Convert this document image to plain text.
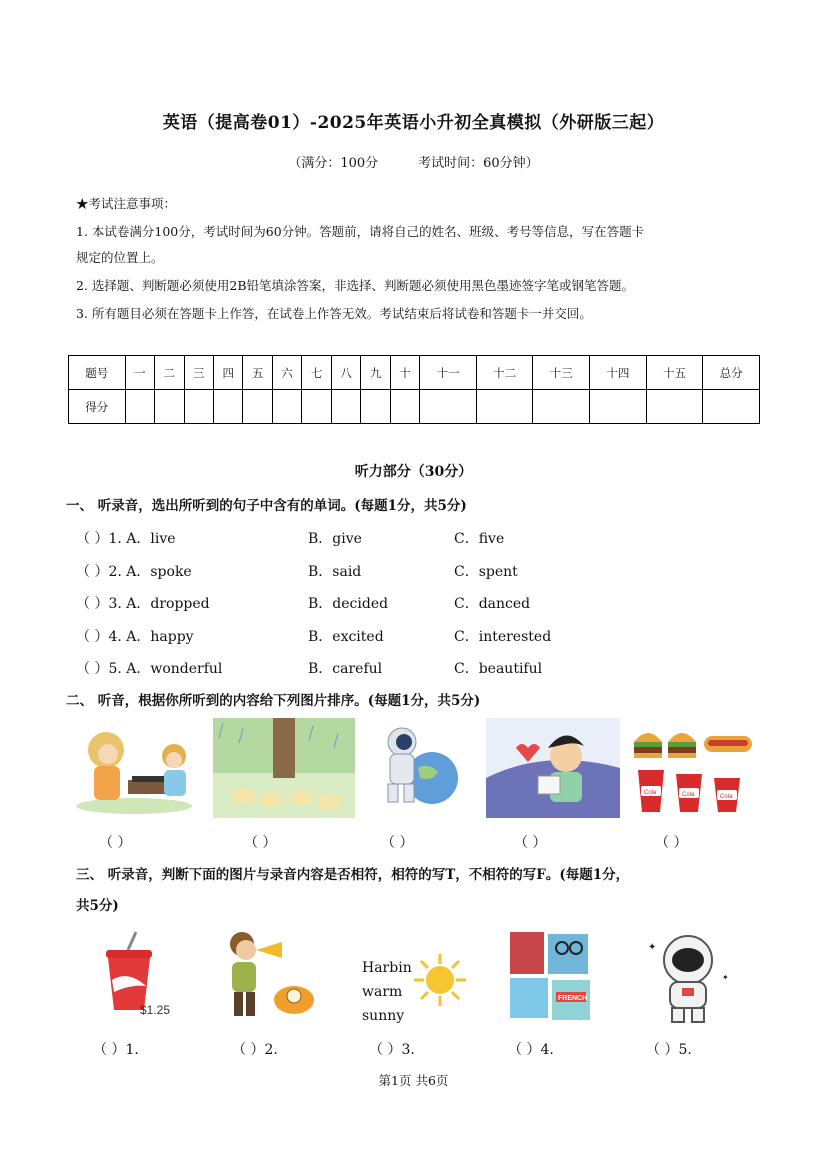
英语（提高卷01）-2025年英语小升初全真模拟（外研版三起）
（满分：100分	考试时间：60分钟）
★考试注意事项：
1. 本试卷满分100分，考试时间为60分钟。答题前，请将自己的姓名、班级、考号等信息，写在答题卡
规定的位置上。
2. 选择题、判断题必须使用2B铅笔填涂答案，非选择、判断题必须使用黑色墨迹签字笔或钢笔答题。
3. 所有题目必须在答题卡上作答，在试卷上作答无效。考试结束后将试卷和答题卡一并交回。
题号	一	二	三	四	五	六	七	八	九	十	十一	十二	十三	十四	十五	总分
得分																
听力部分（30分）
一、 听录音，选出所听到的句子中含有的单词。(每题1分，共5分)
（ ）1. A．live	B．give	C．five
（ ）2. A．spoke	B．said	C．spent
（ ）3. A．dropped	B．decided	C．danced
（ ）4. A．happy	B．excited	C．interested
（ ）5. A．wonderful	B．careful	C．beautiful
二、 听音，根据你所听到的内容给下列图片排序。(每题1分，共5分)
Cola	Cola	Cola
（ ）	（ ）	（ ）	（ ）	（ ）
三、 听录音，判断下面的图片与录音内容是否相符，相符的写T，不相符的写F。(每题1分，
共5分)
$1.25
Harbin
warm
sunny
FRENCH
✦
✦
（ ）1.	（ ）2.	（ ）3.	（ ）4.	（ ）5.
第1页 共6页
